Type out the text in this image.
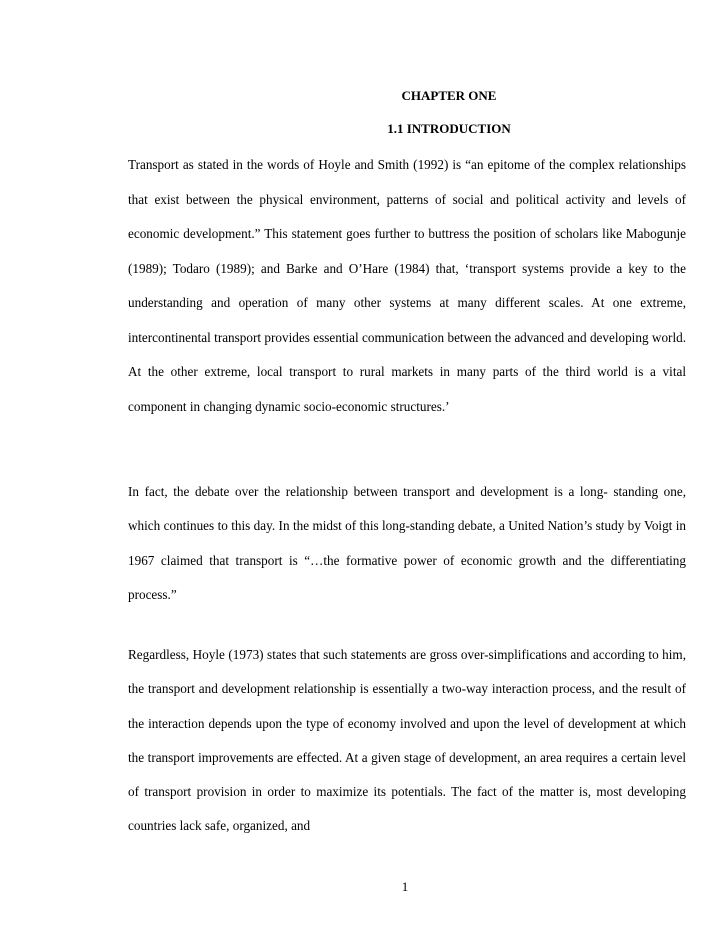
CHAPTER ONE
1.1 INTRODUCTION

Transport as stated in the words of Hoyle and Smith (1992) is “an epitome of the complex relationships that exist between the physical environment, patterns of social and political activity and levels of economic development.” This statement goes further to buttress the position of scholars like Mabogunje (1989); Todaro (1989); and Barke and O’Hare (1984) that, ‘transport systems provide a key to the understanding and operation of many other systems at many different scales. At one extreme, intercontinental transport provides essential communication between the advanced and developing world. At the other extreme, local transport to rural markets in many parts of the third world is a vital component in changing dynamic socio-economic structures.’

In fact, the debate over the relationship between transport and development is a long- standing one, which continues to this day. In the midst of this long-standing debate, a United Nation’s study by Voigt in 1967 claimed that transport is “…the formative power of economic growth and the differentiating process.”

Regardless, Hoyle (1973) states that such statements are gross over-simplifications and according to him, the transport and development relationship is essentially a two-way interaction process, and the result of the interaction depends upon the type of economy involved and upon the level of development at which the transport improvements are effected. At a given stage of development, an area requires a certain level of transport provision in order to maximize its potentials. The fact of the matter is, most developing countries lack safe, organized, and

1
